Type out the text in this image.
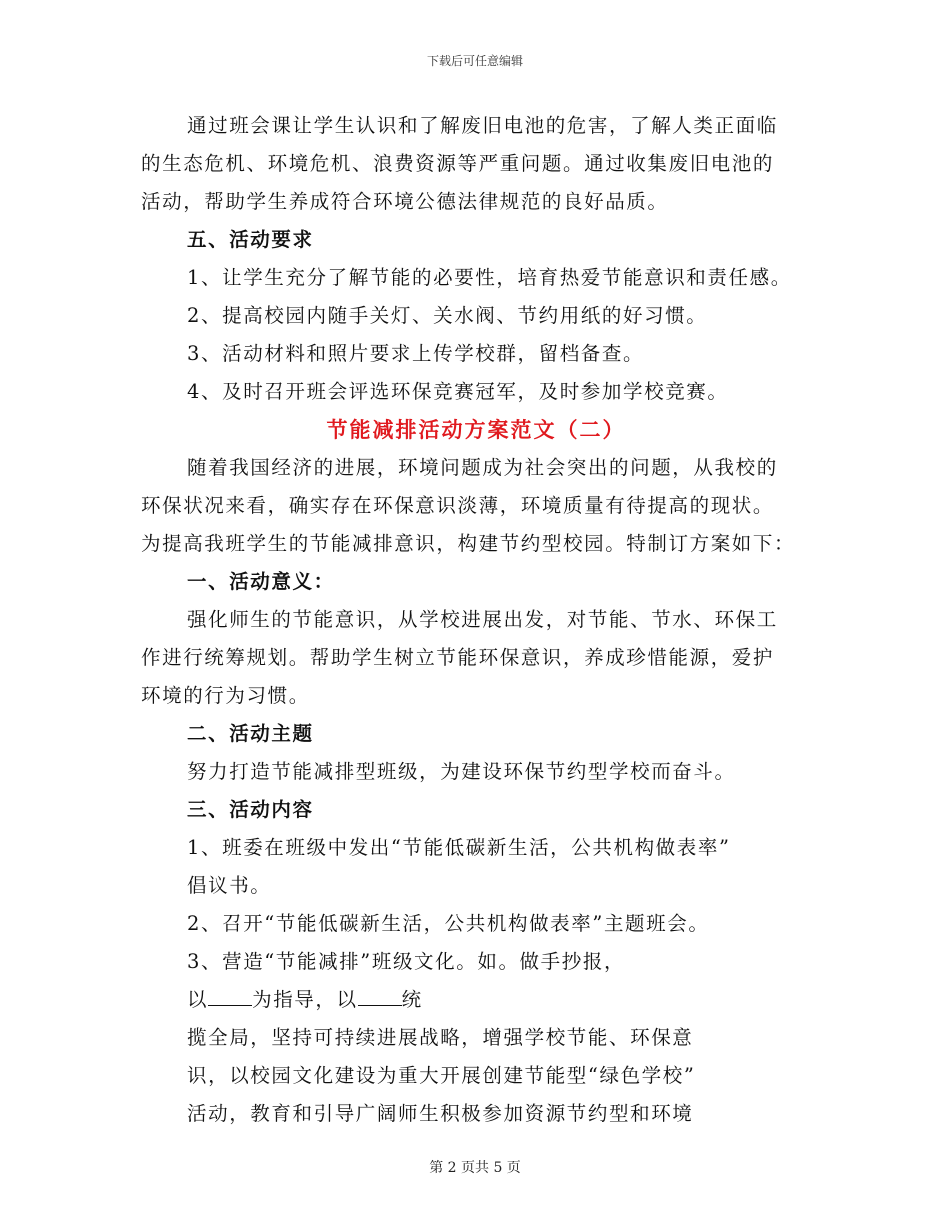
下载后可任意编辑

通过班会课让学生认识和了解废旧电池的危害，了解人类正面临

的生态危机、环境危机、浪费资源等严重问题。通过收集废旧电池的

活动，帮助学生养成符合环境公德法律规范的良好品质。

五、活动要求

1、让学生充分了解节能的必要性，培育热爱节能意识和责任感。

2、提高校园内随手关灯、关水阀、节约用纸的好习惯。

3、活动材料和照片要求上传学校群，留档备查。

4、及时召开班会评选环保竞赛冠军，及时参加学校竞赛。

节能减排活动方案范文（二）

随着我国经济的进展，环境问题成为社会突出的问题，从我校的

环保状况来看，确实存在环保意识淡薄，环境质量有待提高的现状。

为提高我班学生的节能减排意识，构建节约型校园。特制订方案如下：

一、活动意义：

强化师生的节能意识，从学校进展出发，对节能、节水、环保工

作进行统筹规划。帮助学生树立节能环保意识，养成珍惜能源，爱护

环境的行为习惯。

二、活动主题

努力打造节能减排型班级，为建设环保节约型学校而奋斗。

三、活动内容

1、班委在班级中发出“节能低碳新生活，公共机构做表率”

倡议书。

2、召开“节能低碳新生活，公共机构做表率”主题班会。

3、营造“节能减排”班级文化。如。做手抄报，

以 为指导，以 统

揽全局，坚持可持续进展战略，增强学校节能、环保意

识，以校园文化建设为重大开展创建节能型“绿色学校”

活动，教育和引导广阔师生积极参加资源节约型和环境

第 2 页共 5 页
